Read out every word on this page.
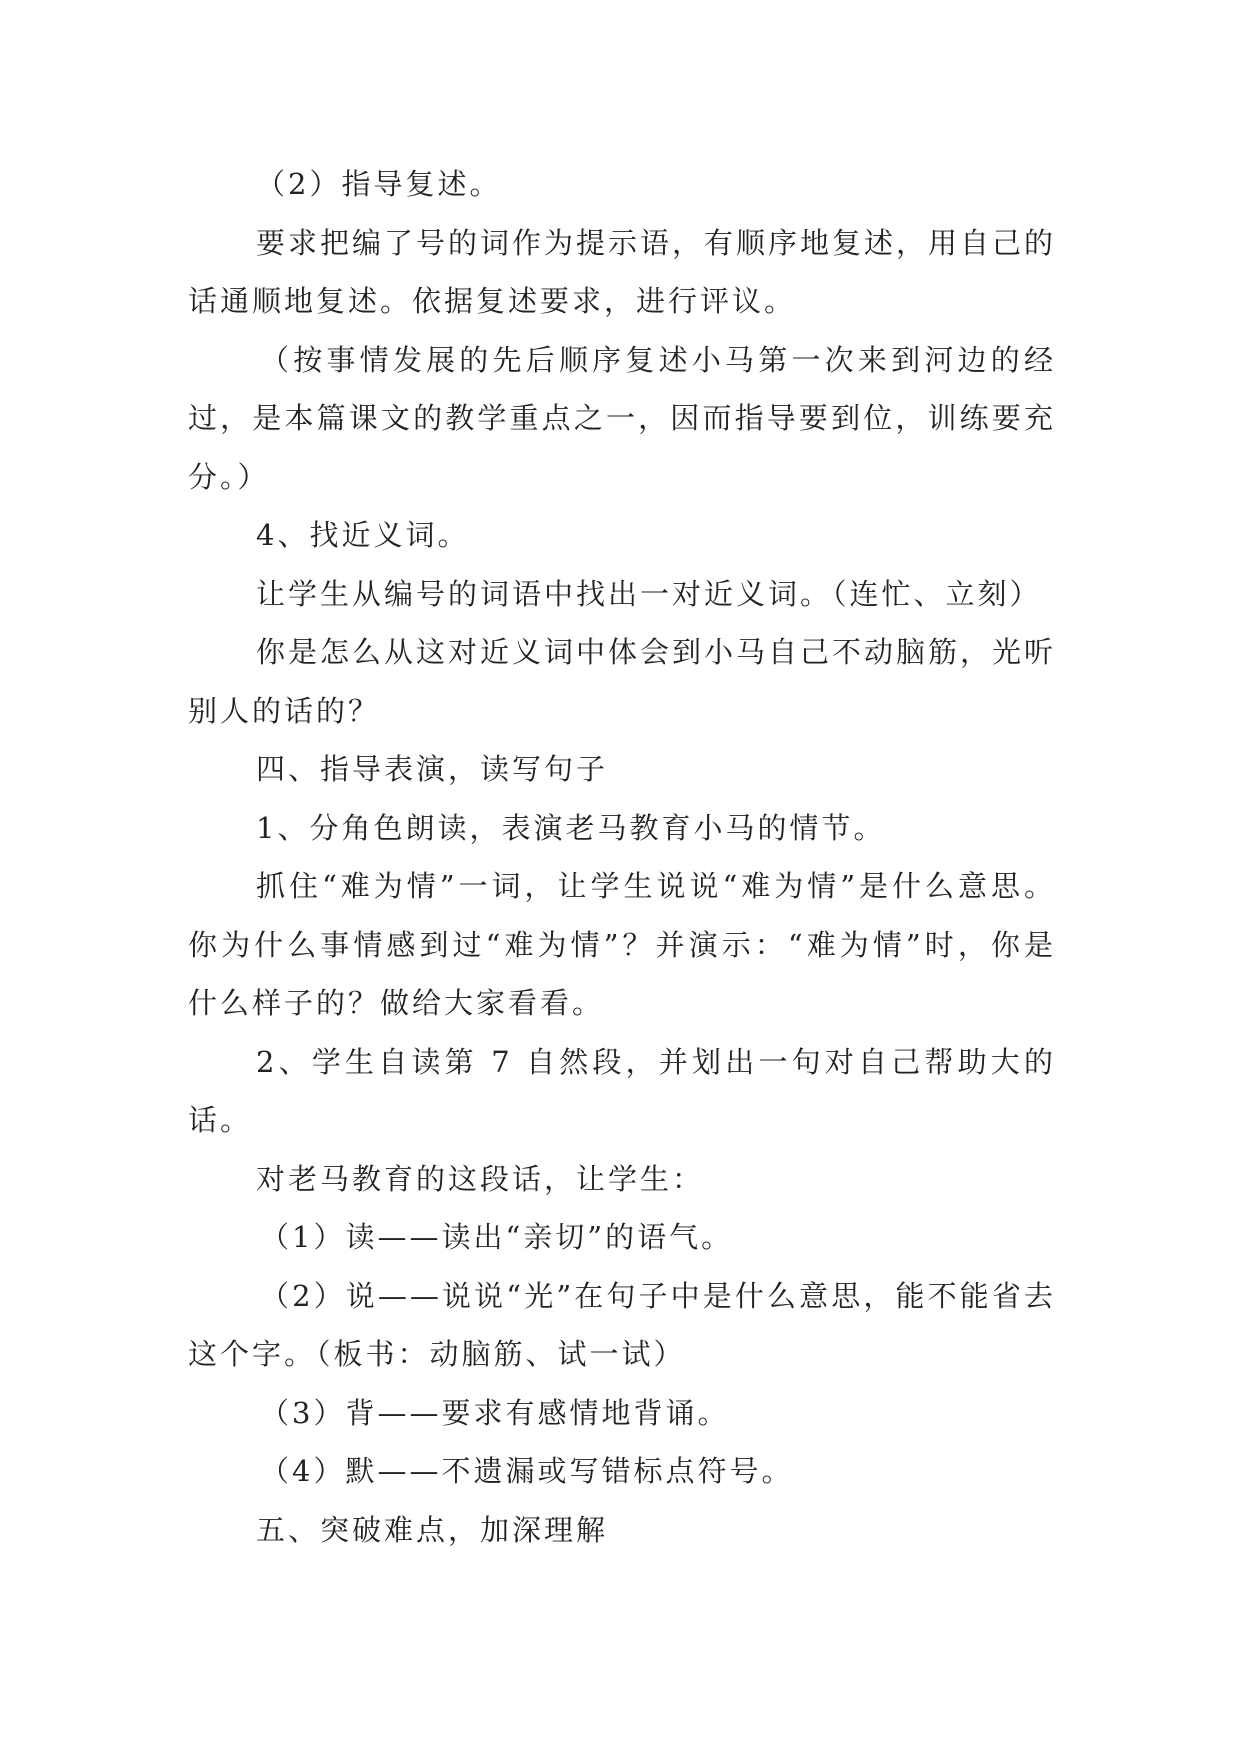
（2）指导复述。

要求把编了号的词作为提示语，有顺序地复述，用自己的话通顺地复述。依据复述要求，进行评议。

（按事情发展的先后顺序复述小马第一次来到河边的经过，是本篇课文的教学重点之一，因而指导要到位，训练要充分。）

4、找近义词。

让学生从编号的词语中找出一对近义词。（连忙、立刻）

你是怎么从这对近义词中体会到小马自己不动脑筋，光听别人的话的？

四、指导表演，读写句子

1、分角色朗读，表演老马教育小马的情节。

抓住“难为情”一词，让学生说说“难为情”是什么意思。你为什么事情感到过“难为情”？并演示：“难为情”时，你是什么样子的？做给大家看看。

2、学生自读第 7 自然段，并划出一句对自己帮助大的话。

对老马教育的这段话，让学生：

（1）读——读出“亲切”的语气。

（2）说——说说“光”在句子中是什么意思，能不能省去这个字。（板书：动脑筋、试一试）

（3）背——要求有感情地背诵。

（4）默——不遗漏或写错标点符号。

五、突破难点，加深理解
